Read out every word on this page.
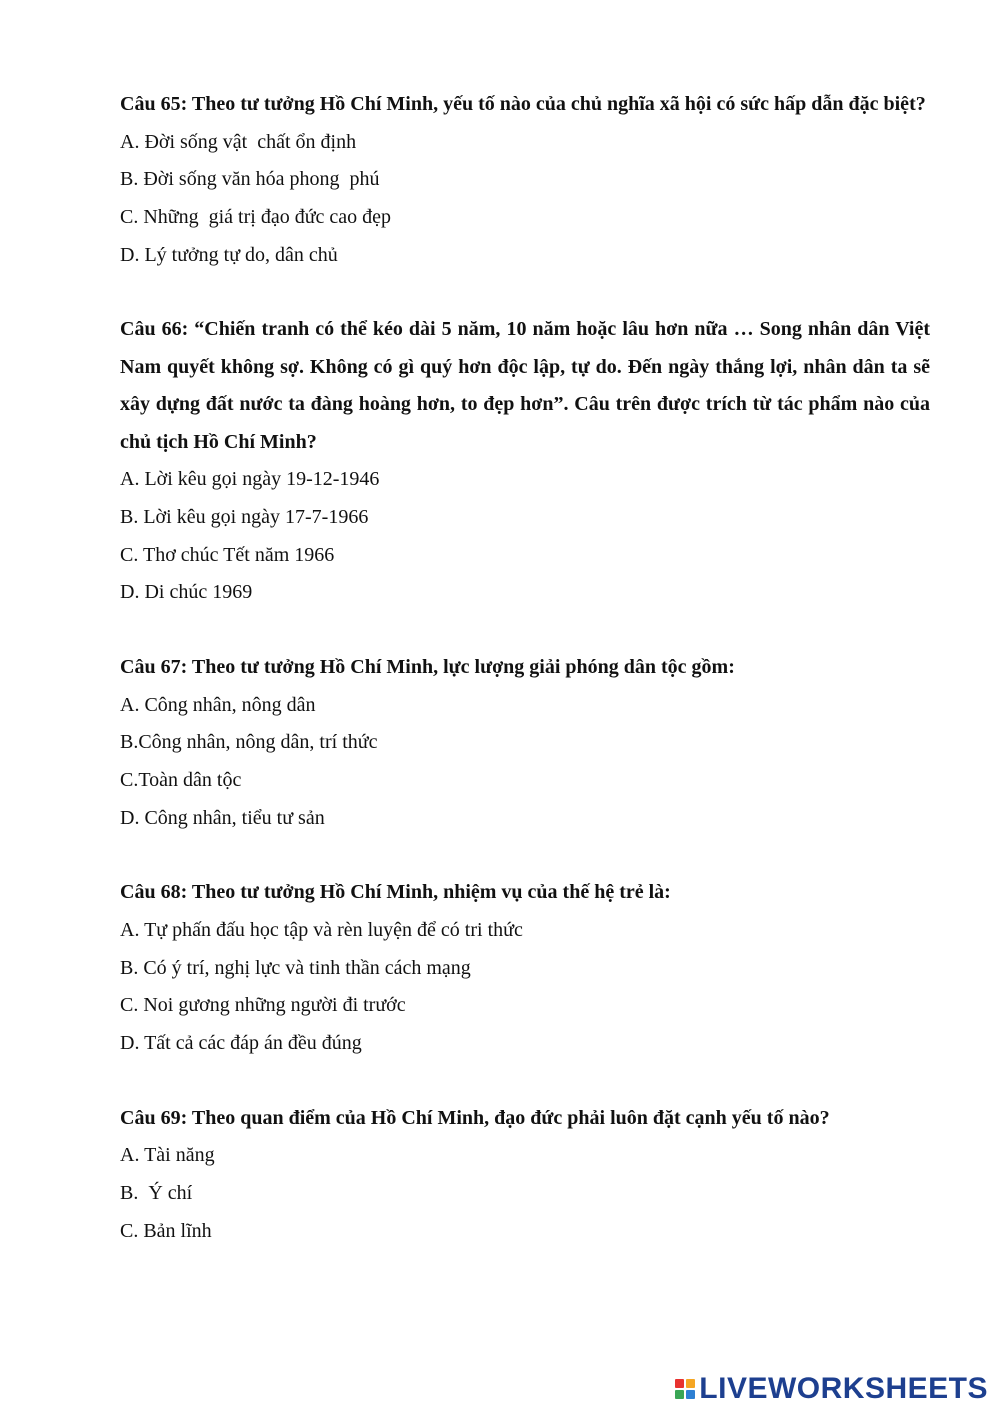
Câu 65: Theo tư tưởng Hồ Chí Minh, yếu tố nào của chủ nghĩa xã hội có sức hấp dẫn đặc biệt?

A. Đời sống vật  chất ổn định

B. Đời sống văn hóa phong  phú

C. Những  giá trị đạo đức cao đẹp

D. Lý tưởng tự do, dân chủ

Câu 66: “Chiến tranh có thể kéo dài 5 năm, 10 năm hoặc lâu hơn nữa … Song nhân dân Việt Nam quyết không sợ. Không có gì quý hơn độc lập, tự do. Đến ngày thắng lợi, nhân dân ta sẽ xây dựng đất nước ta đàng hoàng hơn, to đẹp hơn”. Câu trên được trích từ tác phẩm nào của chủ tịch Hồ Chí Minh?

A. Lời kêu gọi ngày 19-12-1946

B. Lời kêu gọi ngày 17-7-1966

C. Thơ chúc Tết năm 1966

D. Di chúc 1969

Câu 67: Theo tư tưởng Hồ Chí Minh, lực lượng giải phóng dân tộc gồm:

A. Công nhân, nông dân

B.Công nhân, nông dân, trí thức

C.Toàn dân tộc

D. Công nhân, tiểu tư sản

Câu 68: Theo tư tưởng Hồ Chí Minh, nhiệm vụ của thế hệ trẻ là:

A. Tự phấn đấu học tập và rèn luyện để có tri thức

B. Có ý trí, nghị lực và tinh thần cách mạng

C. Noi gương những người đi trước

D. Tất cả các đáp án đều đúng

Câu 69: Theo quan điểm của Hồ Chí Minh, đạo đức phải luôn đặt cạnh yếu tố nào?

A. Tài năng

B.  Ý chí

C. Bản lĩnh

LIVEWORKSHEETS
